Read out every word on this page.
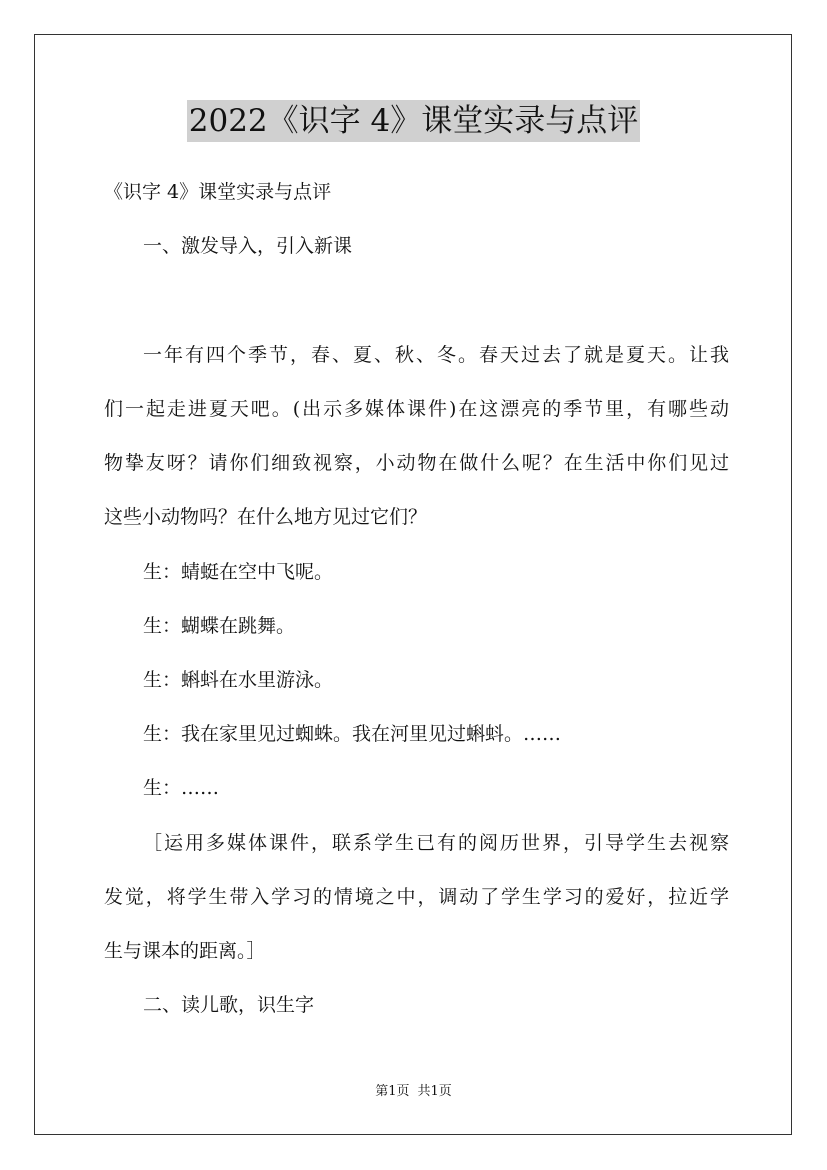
2022《识字 4》课堂实录与点评
《识字 4》课堂实录与点评
一、激发导入，引入新课
一年有四个季节，春、夏、秋、冬。春天过去了就是夏天。让我
们一起走进夏天吧。(出示多媒体课件)在这漂亮的季节里，有哪些动
物挚友呀？请你们细致视察，小动物在做什么呢？在生活中你们见过
这些小动物吗？在什么地方见过它们？
生：蜻蜓在空中飞呢。
生：蝴蝶在跳舞。
生：蝌蚪在水里游泳。
生：我在家里见过蜘蛛。我在河里见过蝌蚪。……
生：……
［运用多媒体课件，联系学生已有的阅历世界，引导学生去视察
发觉，将学生带入学习的情境之中，调动了学生学习的爱好，拉近学
生与课本的距离。］
二、读儿歌，识生字
第1页 共1页
